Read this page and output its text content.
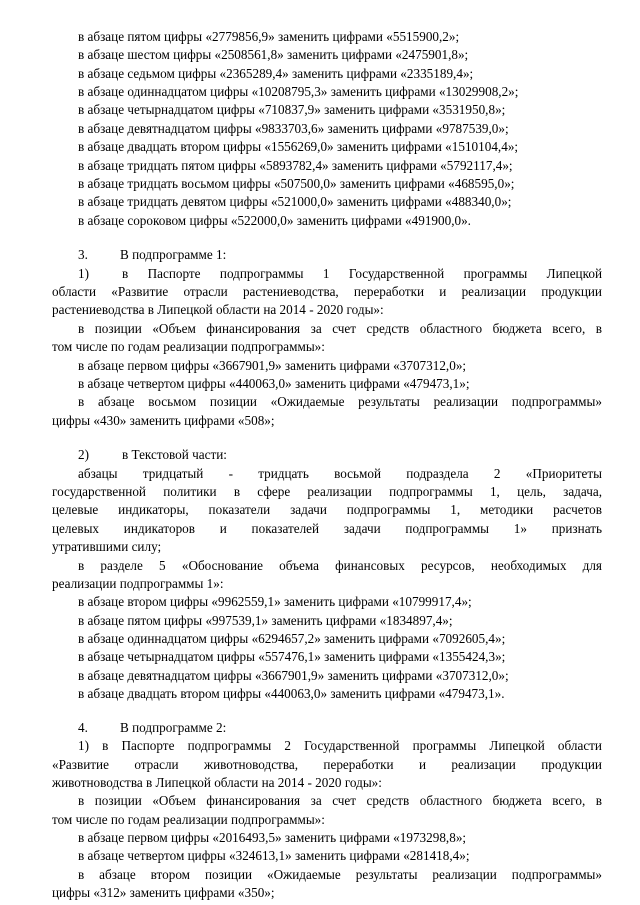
в абзаце пятом цифры «2779856,9» заменить цифрами «5515900,2»;
в абзаце шестом цифры «2508561,8» заменить цифрами «2475901,8»;
в абзаце седьмом цифры «2365289,4» заменить цифрами «2335189,4»;
в абзаце одиннадцатом цифры «10208795,3» заменить цифрами «13029908,2»;
в абзаце четырнадцатом цифры «710837,9» заменить цифрами «3531950,8»;
в абзаце девятнадцатом цифры «9833703,6» заменить цифрами «9787539,0»;
в абзаце двадцать втором цифры «1556269,0» заменить цифрами «1510104,4»;
в абзаце тридцать пятом цифры «5893782,4» заменить цифрами «5792117,4»;
в абзаце тридцать восьмом цифры «507500,0» заменить цифрами «468595,0»;
в абзаце тридцать девятом цифры «521000,0» заменить цифрами «488340,0»;
в абзаце сороковом цифры «522000,0» заменить цифрами «491900,0».
3. В подпрограмме 1:
1)	в Паспорте подпрограммы 1 Государственной программы Липецкой
области «Развитие отрасли растениеводства, переработки и реализации продукции
растениеводства в Липецкой области на 2014 - 2020 годы»:
в позиции «Объем финансирования за счет средств областного бюджета всего, в
том числе по годам реализации подпрограммы»:
в абзаце первом цифры «3667901,9» заменить цифрами «3707312,0»;
в абзаце четвертом цифры «440063,0» заменить цифрами «479473,1»;
в абзаце восьмом позиции «Ожидаемые результаты реализации подпрограммы»
цифры «430» заменить цифрами «508»;
2)	в Текстовой части:
абзацы тридцатый - тридцать восьмой подраздела 2 «Приоритеты
государственной политики в сфере реализации подпрограммы 1, цель, задача,
целевые индикаторы, показатели задачи подпрограммы 1, методики расчетов
целевых индикаторов и показателей задачи подпрограммы 1» признать
утратившими силу;
в разделе 5 «Обоснование объема финансовых ресурсов, необходимых для
реализации подпрограммы 1»:
в абзаце втором цифры «9962559,1» заменить цифрами «10799917,4»;
в абзаце пятом цифры «997539,1» заменить цифрами «1834897,4»;
в абзаце одиннадцатом цифры «6294657,2» заменить цифрами «7092605,4»;
в абзаце четырнадцатом цифры «557476,1» заменить цифрами «1355424,3»;
в абзаце девятнадцатом цифры «3667901,9» заменить цифрами «3707312,0»;
в абзаце двадцать втором цифры «440063,0» заменить цифрами «479473,1».
4. В подпрограмме 2:
1) в Паспорте подпрограммы 2 Государственной программы Липецкой области
«Развитие отрасли животноводства, переработки и реализации продукции
животноводства в Липецкой области на 2014 - 2020 годы»:
в позиции «Объем финансирования за счет средств областного бюджета всего, в
том числе по годам реализации подпрограммы»:
в абзаце первом цифры «2016493,5» заменить цифрами «1973298,8»;
в абзаце четвертом цифры «324613,1» заменить цифрами «281418,4»;
в абзаце втором позиции «Ожидаемые результаты реализации подпрограммы»
цифры «312» заменить цифрами «350»;
